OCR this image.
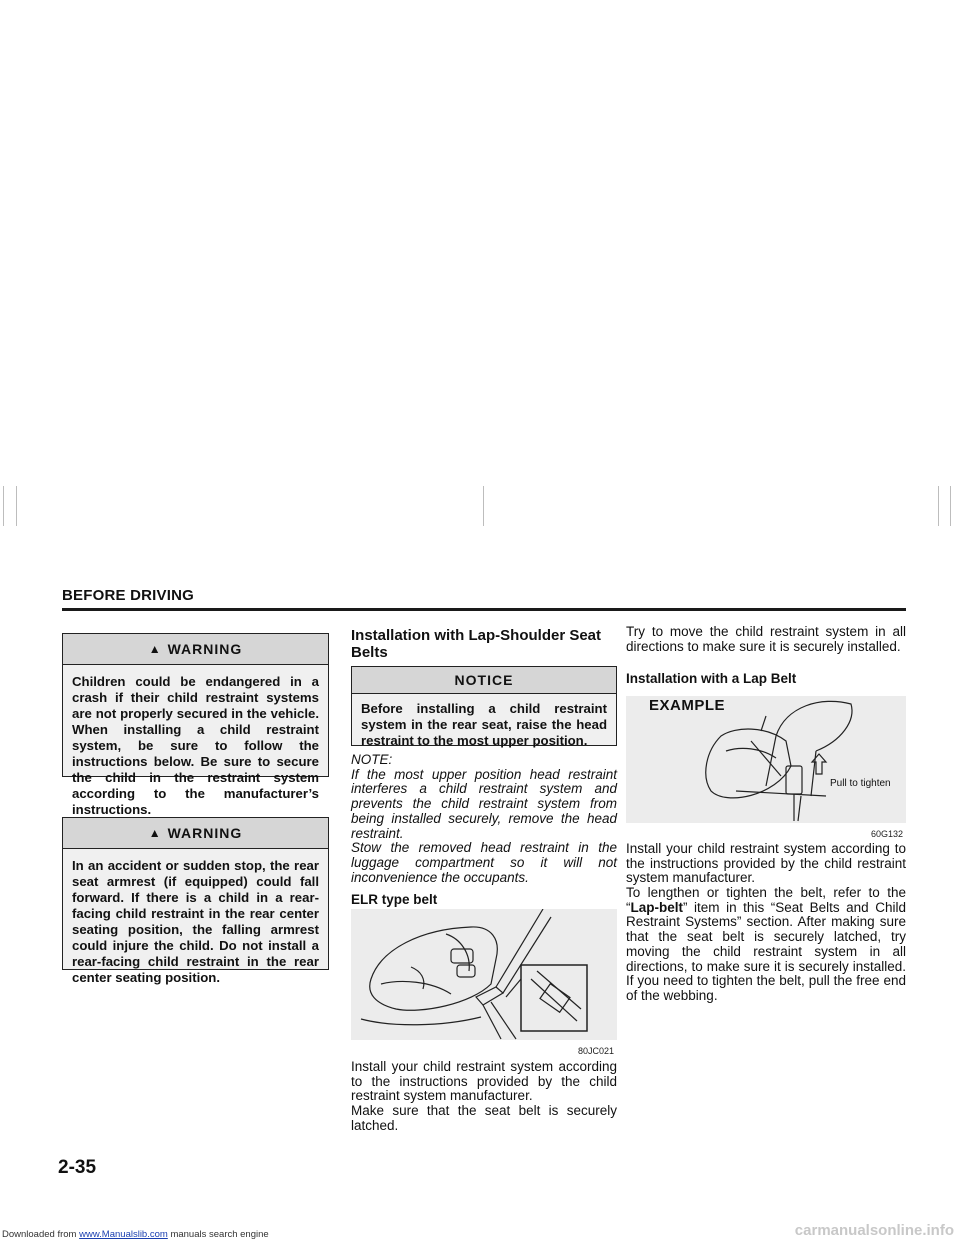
BEFORE DRIVING
▲ WARNING
Children could be endangered in a crash if their child restraint systems are not properly secured in the vehicle. When installing a child restraint system, be sure to follow the instructions below. Be sure to secure the child in the restraint system according to the manufacturer’s instructions.
▲ WARNING
In an accident or sudden stop, the rear seat armrest (if equipped) could fall forward. If there is a child in a rear-facing child restraint in the rear center seating position, the falling armrest could injure the child. Do not install a rear-facing child restraint in the rear center seating position.
Installation with Lap-Shoulder Seat Belts
NOTICE
Before installing a child restraint system in the rear seat, raise the head restraint to the most upper position.
NOTE:
If the most upper position head restraint interferes a child restraint system and prevents the child restraint system from being installed securely, remove the head restraint.
Stow the removed head restraint in the luggage compartment so it will not inconvenience the occupants.
ELR type belt
80JC021
Install your child restraint system according to the instructions provided by the child restraint system manufacturer.
Make sure that the seat belt is securely latched.
Try to move the child restraint system in all directions to make sure it is securely installed.
Installation with a Lap Belt
EXAMPLE
Pull to tighten
60G132
Install your child restraint system according to the instructions provided by the child restraint system manufacturer.
To lengthen or tighten the belt, refer to the “Lap-belt” item in this “Seat Belts and Child Restraint Systems” section. After making sure that the seat belt is securely latched, try moving the child restraint system in all directions, to make sure it is securely installed. If you need to tighten the belt, pull the free end of the webbing.
2-35
Downloaded from www.Manualslib.com manuals search engine	carmanualsonline.info
